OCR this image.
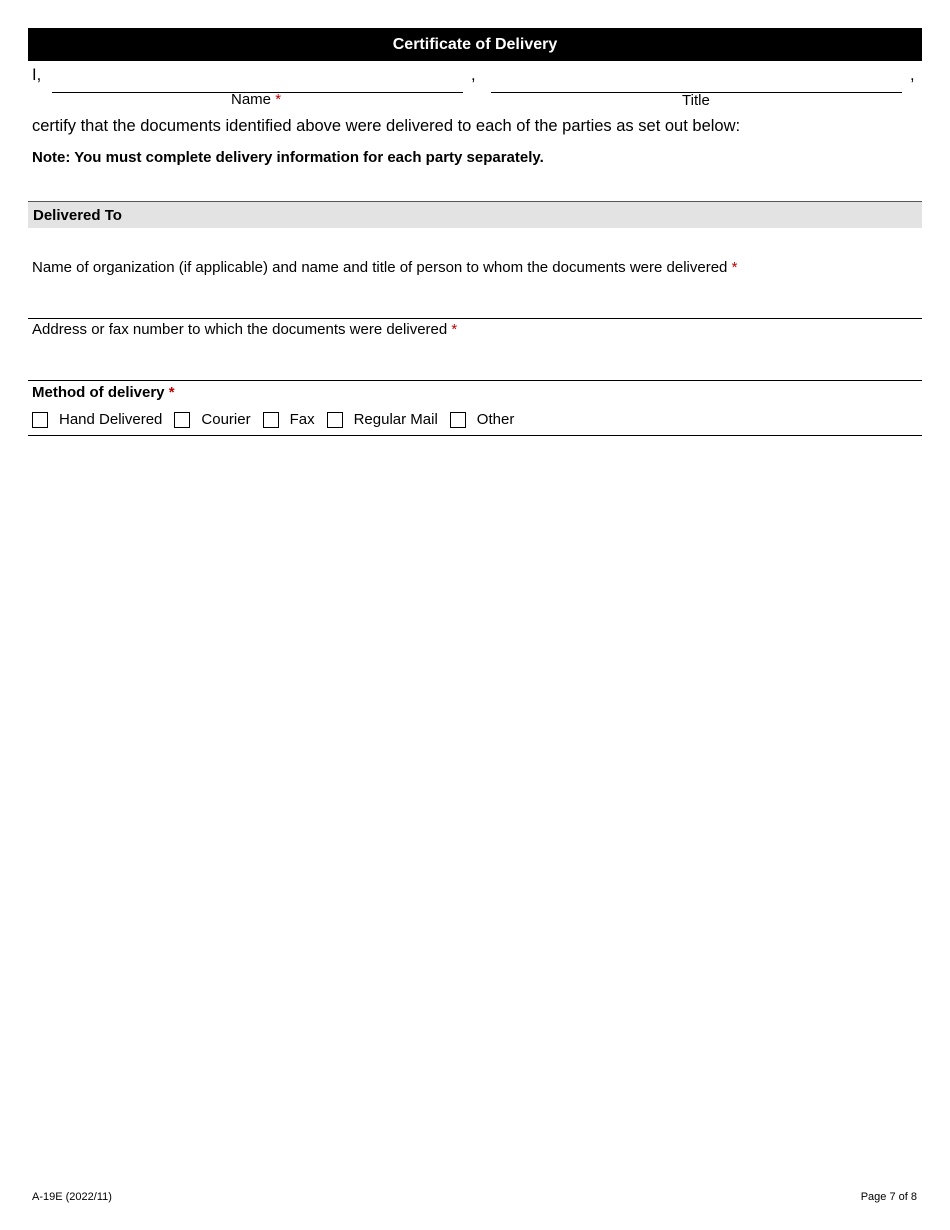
Certificate of Delivery
I,
Name *
,
Title
,
certify that the documents identified above were delivered to each of the parties as set out below:
Note: You must complete delivery information for each party separately.
Delivered To
Name of organization (if applicable) and name and title of person to whom the documents were delivered *
Address or fax number to which the documents were delivered *
Method of delivery *
Hand Delivered	Courier	Fax	Regular Mail	Other
A-19E (2022/11)	Page 7 of 8
